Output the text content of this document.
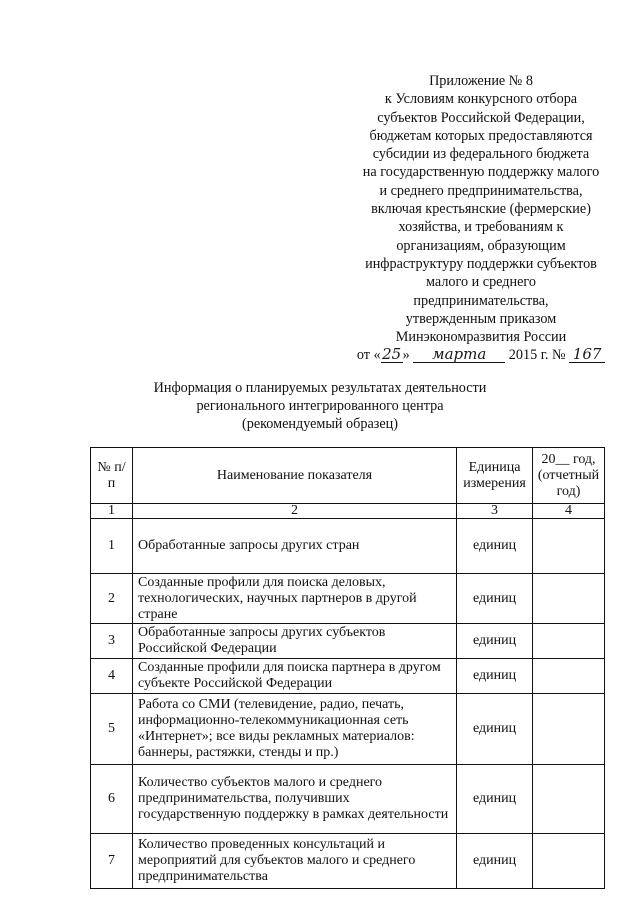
Приложение № 8
к Условиям конкурсного отбора
субъектов Российской Федерации,
бюджетам которых предоставляются
субсидии из федерального бюджета
на государственную поддержку малого
и среднего предпринимательства,
включая крестьянские (фермерские)
хозяйства, и требованиям к
организациям, образующим
инфраструктуру поддержки субъектов
малого и среднего
предпринимательства,
утвержденным приказом
Минэкономразвития России
от «25» марта 2015 г. № 167
Информация о планируемых результатах деятельности
регионального интегрированного центра
(рекомендуемый образец)
№ п/п	Наименование показателя	Единица измерения	20__ год, (отчетный год)
1	2	3	4
1	Обработанные запросы других стран	единиц	
2	Созданные профили для поиска деловых, технологических, научных партнеров в другой стране	единиц	
3	Обработанные запросы других субъектов Российской Федерации	единиц	
4	Созданные профили для поиска партнера в другом субъекте Российской Федерации	единиц	
5	Работа со СМИ (телевидение, радио, печать, информационно-телекоммуникационная сеть «Интернет»; все виды рекламных материалов: баннеры, растяжки, стенды и пр.)	единиц	
6	Количество субъектов малого и среднего предпринимательства, получивших государственную поддержку в рамках деятельности	единиц	
7	Количество проведенных консультаций и мероприятий для субъектов малого и среднего предпринимательства	единиц	
